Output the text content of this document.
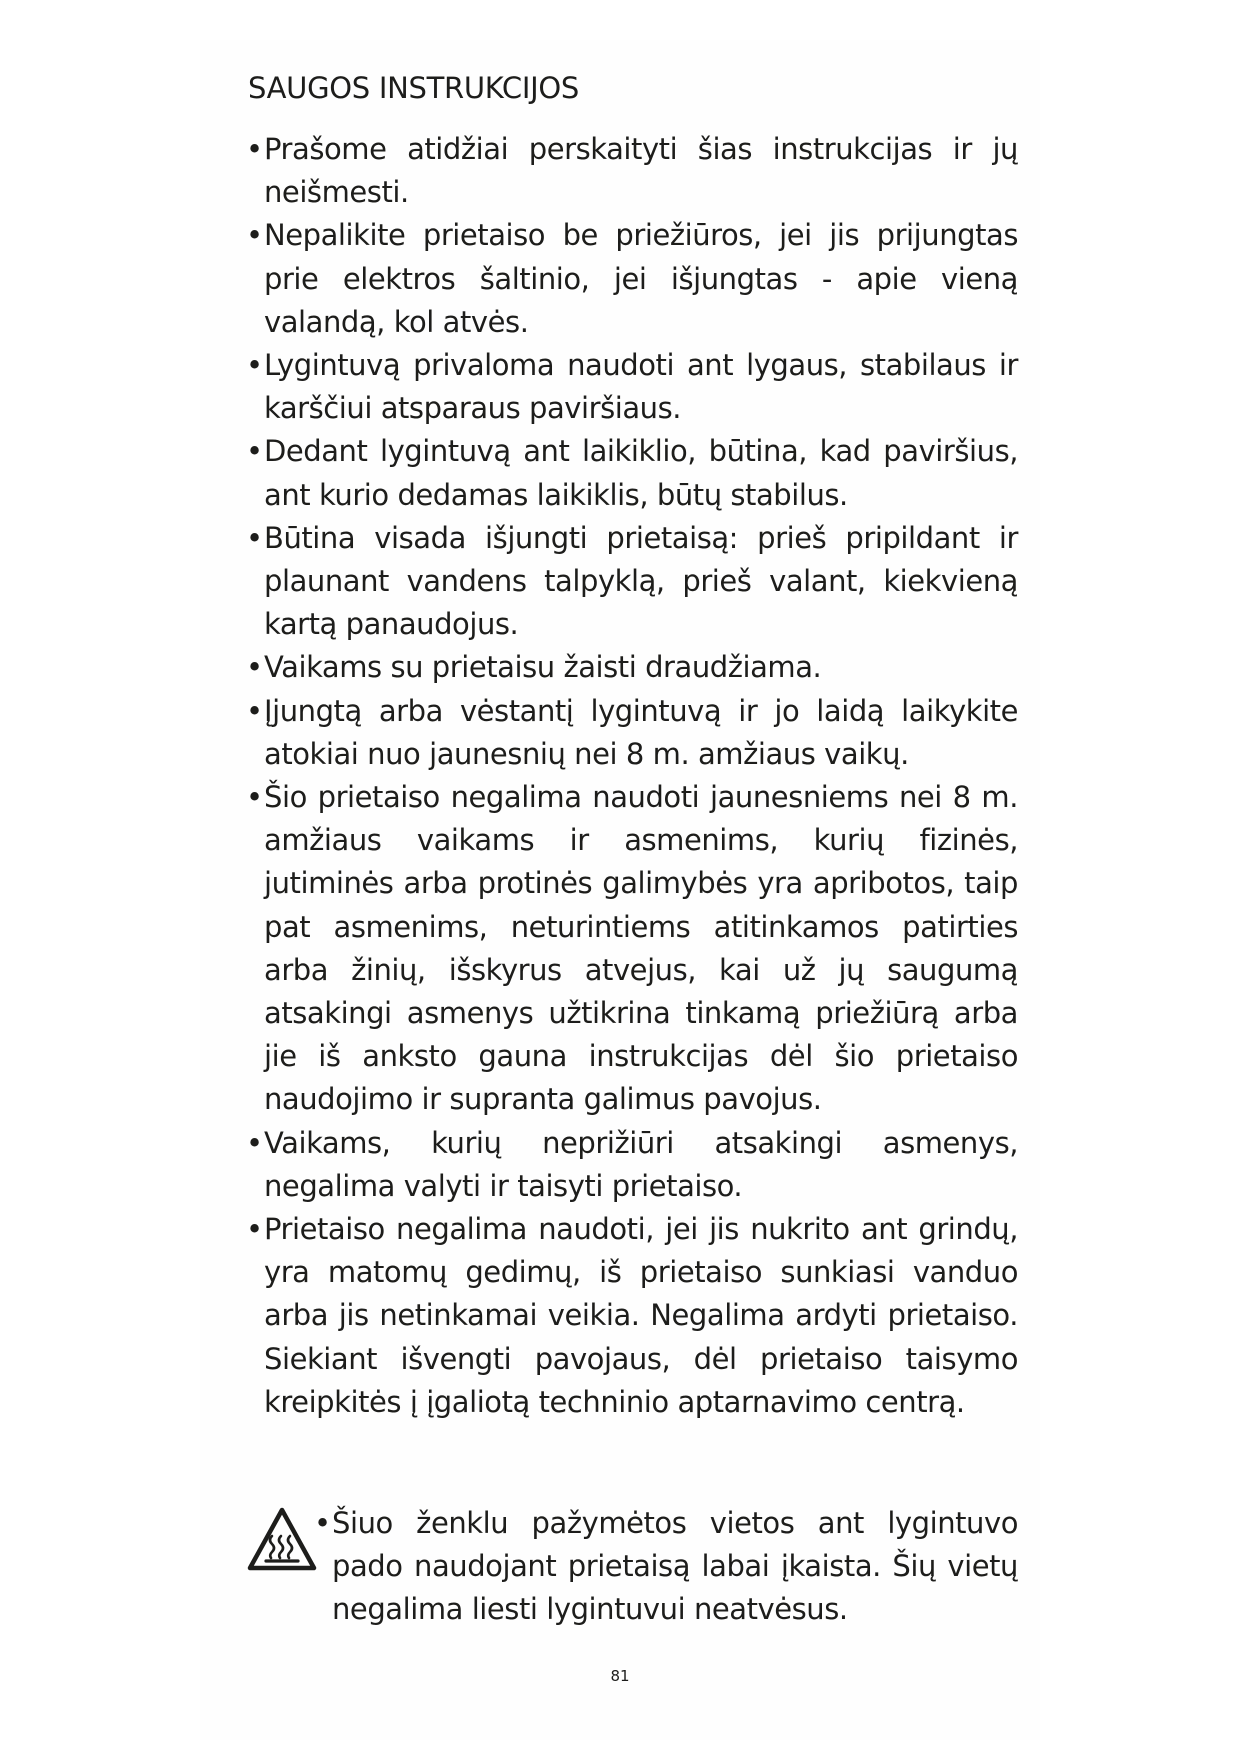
SAUGOS INSTRUKCIJOS
• Prašome atidžiai perskaityti šias instrukcijas ir jų neišmesti.
• Nepalikite prietaiso be priežiūros, jei jis prijungtas prie elektros šaltinio, jei išjungtas - apie vieną valandą, kol atvės.
• Lygintuvą privaloma naudoti ant lygaus, stabilaus ir karščiui atsparaus paviršiaus.
• Dedant lygintuvą ant laikiklio, būtina, kad paviršius, ant kurio dedamas laikiklis, būtų stabilus.
• Būtina visada išjungti prietaisą: prieš pripildant ir plaunant vandens talpyklą, prieš valant, kiekvieną kartą panaudojus.
• Vaikams su prietaisu žaisti draudžiama.
• Įjungtą arba vėstantį lygintuvą ir jo laidą laikykite atokiai nuo jaunesnių nei 8 m. amžiaus vaikų.
• Šio prietaiso negalima naudoti jaunesniems nei 8 m. amžiaus vaikams ir asmenims, kurių fizinės, jutiminės arba protinės galimybės yra apribotos, taip pat asmenims, neturintiems atitinkamos patirties arba žinių, išskyrus atvejus, kai už jų saugumą atsakingi asmenys užtikrina tinkamą priežiūrą arba jie iš anksto gauna instrukcijas dėl šio prietaiso naudojimo ir supranta galimus pavojus.
• Vaikams, kurių neprižiūri atsakingi asmenys, negalima valyti ir taisyti prietaiso.
• Prietaiso negalima naudoti, jei jis nukrito ant grindų, yra matomų gedimų, iš prietaiso sunkiasi vanduo arba jis netinkamai veikia. Negalima ardyti prietaiso. Siekiant išvengti pavojaus, dėl prietaiso taisymo kreipkitės į įgaliotą techninio aptarnavimo centrą.
• Šiuo ženklu pažymėtos vietos ant lygintuvo pado naudojant prietaisą labai įkaista. Šių vietų negalima liesti lygintuvui neatvėsus.
81
